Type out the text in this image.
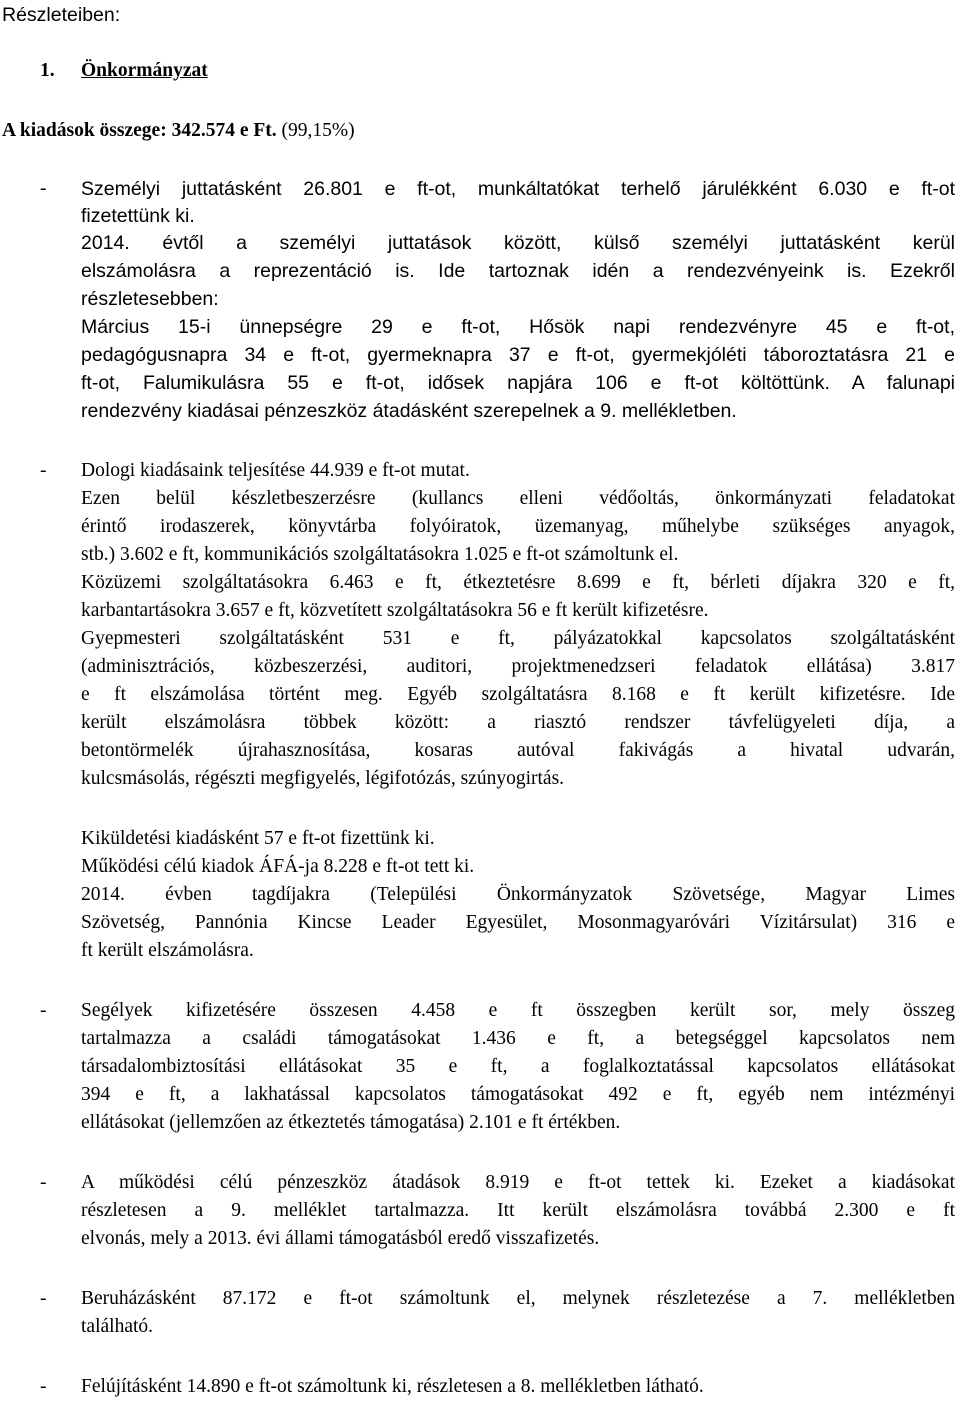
Részleteiben:
1. Önkormányzat
A kiadások összege: 342.574 e Ft. (99,15%)
- Személyi juttatásként 26.801 e ft-ot, munkáltatókat terhelő járulékként 6.030 e ft-ot
fizetettünk ki.
2014. évtől a személyi juttatások között, külső személyi juttatásként kerül
elszámolásra a reprezentáció is. Ide tartoznak idén a rendezvényeink is. Ezekről
részletesebben:
Március 15-i ünnepségre 29 e ft-ot, Hősök napi rendezvényre 45 e ft-ot,
pedagógusnapra 34 e ft-ot, gyermeknapra 37 e ft-ot, gyermekjóléti táboroztatásra 21 e
ft-ot, Falumikulásra 55 e ft-ot, idősek napjára 106 e ft-ot költöttünk. A falunapi
rendezvény kiadásai pénzeszköz átadásként szerepelnek a 9. mellékletben.
- Dologi kiadásaink teljesítése 44.939 e ft-ot mutat.
Ezen belül készletbeszerzésre (kullancs elleni védőoltás, önkormányzati feladatokat
érintő irodaszerek, könyvtárba folyóiratok, üzemanyag, műhelybe szükséges anyagok,
stb.) 3.602 e ft, kommunikációs szolgáltatásokra 1.025 e ft-ot számoltunk el.
Közüzemi szolgáltatásokra 6.463 e ft, étkeztetésre 8.699 e ft, bérleti díjakra 320 e ft,
karbantartásokra 3.657 e ft, közvetített szolgáltatásokra 56 e ft került kifizetésre.
Gyepmesteri szolgáltatásként 531 e ft, pályázatokkal kapcsolatos szolgáltatásként
(adminisztrációs, közbeszerzési, auditori, projektmenedzseri feladatok ellátása) 3.817
e ft elszámolása történt meg. Egyéb szolgáltatásra 8.168 e ft került kifizetésre. Ide
került elszámolásra többek között: a riasztó rendszer távfelügyeleti díja, a
betontörmelék újrahasznosítása, kosaras autóval fakivágás a hivatal udvarán,
kulcsmásolás, régészti megfigyelés, légifotózás, szúnyogirtás.
Kiküldetési kiadásként 57 e ft-ot fizettünk ki.
Működési célú kiadok ÁFÁ-ja 8.228 e ft-ot tett ki.
2014. évben tagdíjakra (Települési Önkormányzatok Szövetsége, Magyar Limes
Szövetség, Pannónia Kincse Leader Egyesület, Mosonmagyaróvári Vízitársulat) 316 e
ft került elszámolásra.
- Segélyek kifizetésére összesen 4.458 e ft összegben került sor, mely összeg
tartalmazza a családi támogatásokat 1.436 e ft, a betegséggel kapcsolatos nem
társadalombiztosítási ellátásokat 35 e ft, a foglalkoztatással kapcsolatos ellátásokat
394 e ft, a lakhatással kapcsolatos támogatásokat 492 e ft, egyéb nem intézményi
ellátásokat (jellemzően az étkeztetés támogatása) 2.101 e ft értékben.
- A működési célú pénzeszköz átadások 8.919 e ft-ot tettek ki. Ezeket a kiadásokat
részletesen a 9. melléklet tartalmazza. Itt került elszámolásra továbbá 2.300 e ft
elvonás, mely a 2013. évi állami támogatásból eredő visszafizetés.
- Beruházásként 87.172 e ft-ot számoltunk el, melynek részletezése a 7. mellékletben
található.
- Felújításként 14.890 e ft-ot számoltunk ki, részletesen a 8. mellékletben látható.
